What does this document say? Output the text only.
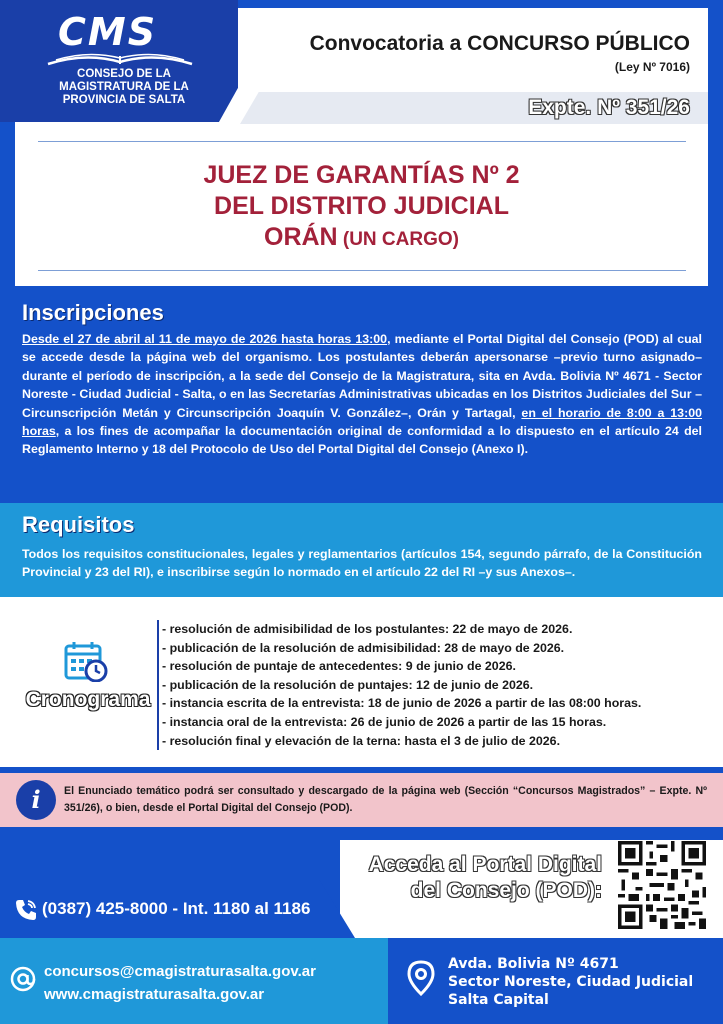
CMS
CONSEJO DE LA
MAGISTRATURA DE LA
PROVINCIA DE SALTA
Convocatoria a CONCURSO PÚBLICO
(Ley Nº 7016)
Expte. Nº 351/26
JUEZ DE GARANTÍAS Nº 2
DEL DISTRITO JUDICIAL
ORÁN (UN CARGO)
Inscripciones
Desde el 27 de abril al 11 de mayo de 2026 hasta horas 13:00, mediante el Portal Digital del Consejo (POD) al cual se accede desde la página web del organismo. Los postulantes deberán apersonarse –previo turno asignado– durante el período de inscripción, a la sede del Consejo de la Magistratura, sita en Avda. Bolivia Nº 4671 - Sector Noreste - Ciudad Judicial - Salta, o en las Secretarías Administrativas ubicadas en los Distritos Judiciales del Sur –Circunscripción Metán y Circunscripción Joaquín V. González–, Orán y Tartagal, en el horario de 8:00 a 13:00 horas, a los fines de acompañar la documentación original de conformidad a lo dispuesto en el artículo 24 del Reglamento Interno y 18 del Protocolo de Uso del Portal Digital del Consejo (Anexo I).
Requisitos
Todos los requisitos constitucionales, legales y reglamentarios (artículos 154, segundo párrafo, de la Constitución Provincial y 23 del RI), e inscribirse según lo normado en el artículo 22 del RI –y sus Anexos–.
Cronograma
- resolución de admisibilidad de los postulantes: 22 de mayo de 2026.
- publicación de la resolución de admisibilidad: 28 de mayo de 2026.
- resolución de puntaje de antecedentes: 9 de junio de 2026.
- publicación de la resolución de puntajes: 12 de junio de 2026.
- instancia escrita de la entrevista: 18 de junio de 2026 a partir de las 08:00 horas.
- instancia oral de la entrevista: 26 de junio de 2026 a partir de las 15 horas.
- resolución final y elevación de la terna: hasta el 3 de julio de 2026.
i	El Enunciado temático podrá ser consultado y descargado de la página web (Sección “Concursos Magistrados” – Expte. Nº 351/26), o bien, desde el Portal Digital del Consejo (POD).
Acceda al Portal Digital
del Consejo (POD):
(0387) 425-8000 - Int. 1180 al 1186
concursos@cmagistraturasalta.gov.ar
www.cmagistraturasalta.gov.ar
Avda. Bolivia Nº 4671
Sector Noreste, Ciudad Judicial
Salta Capital
